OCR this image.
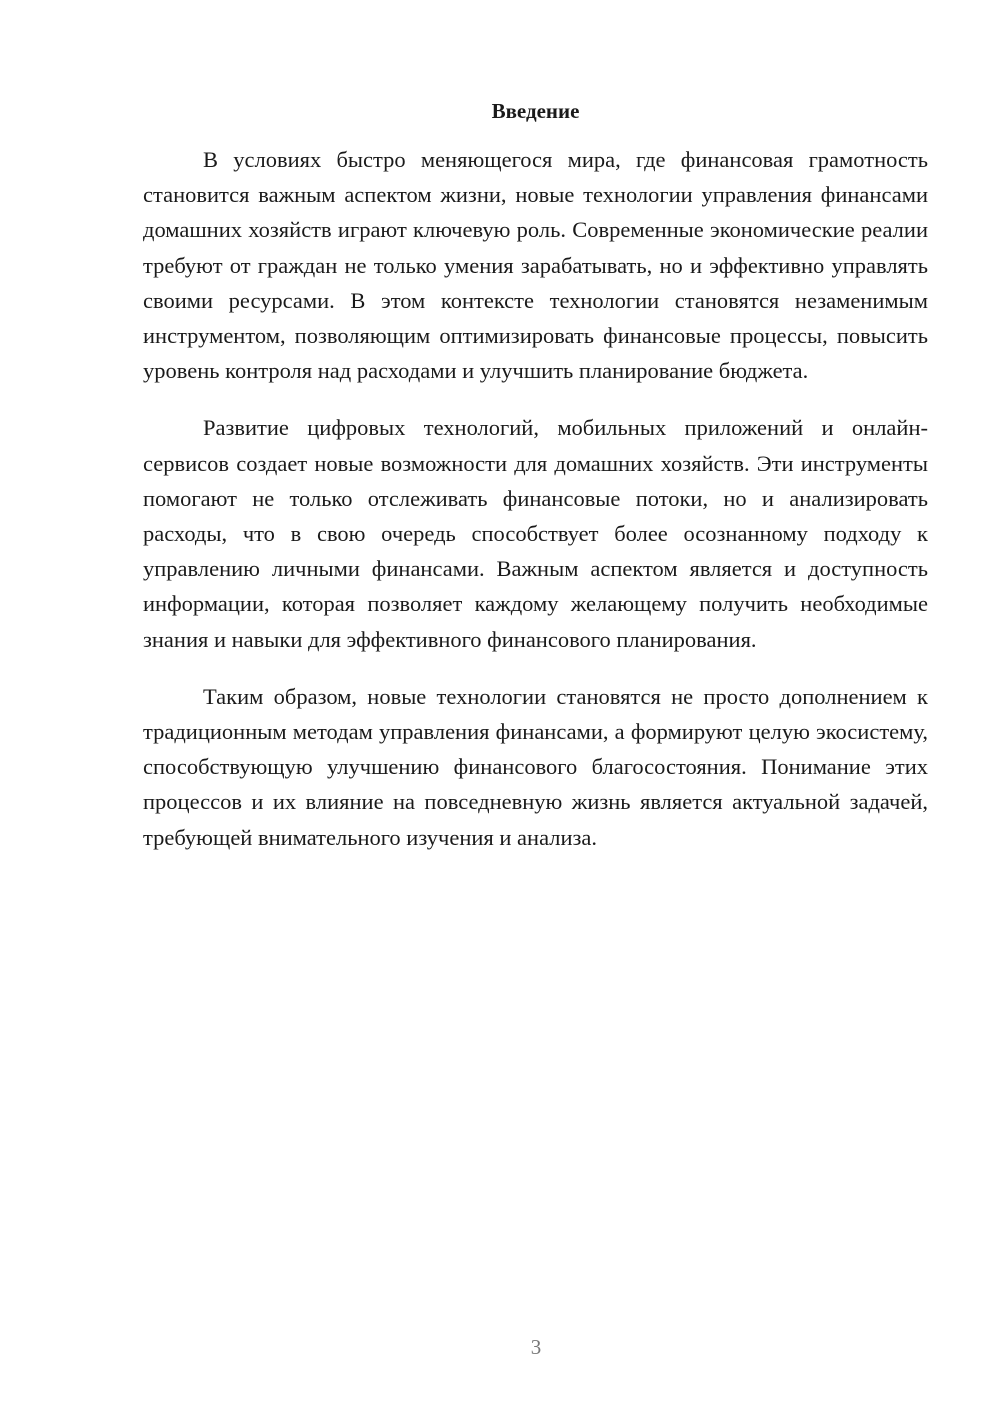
Введение

В условиях быстро меняющегося мира, где финансовая грамотность становится важным аспектом жизни, новые технологии управления финансами домашних хозяйств играют ключевую роль. Современные экономические реалии требуют от граждан не только умения зарабатывать, но и эффективно управлять своими ресурсами. В этом контексте технологии становятся незаменимым инструментом, позволяющим оптимизировать финансовые процессы, повысить уровень контроля над расходами и улучшить планирование бюджета.

Развитие цифровых технологий, мобильных приложений и онлайн-сервисов создает новые возможности для домашних хозяйств. Эти инструменты помогают не только отслеживать финансовые потоки, но и анализировать расходы, что в свою очередь способствует более осознанному подходу к управлению личными финансами. Важным аспектом является и доступность информации, которая позволяет каждому желающему получить необходимые знания и навыки для эффективного финансового планирования.

Таким образом, новые технологии становятся не просто дополнением к традиционным методам управления финансами, а формируют целую экосистему, способствующую улучшению финансового благосостояния. Понимание этих процессов и их влияние на повседневную жизнь является актуальной задачей, требующей внимательного изучения и анализа.

3
